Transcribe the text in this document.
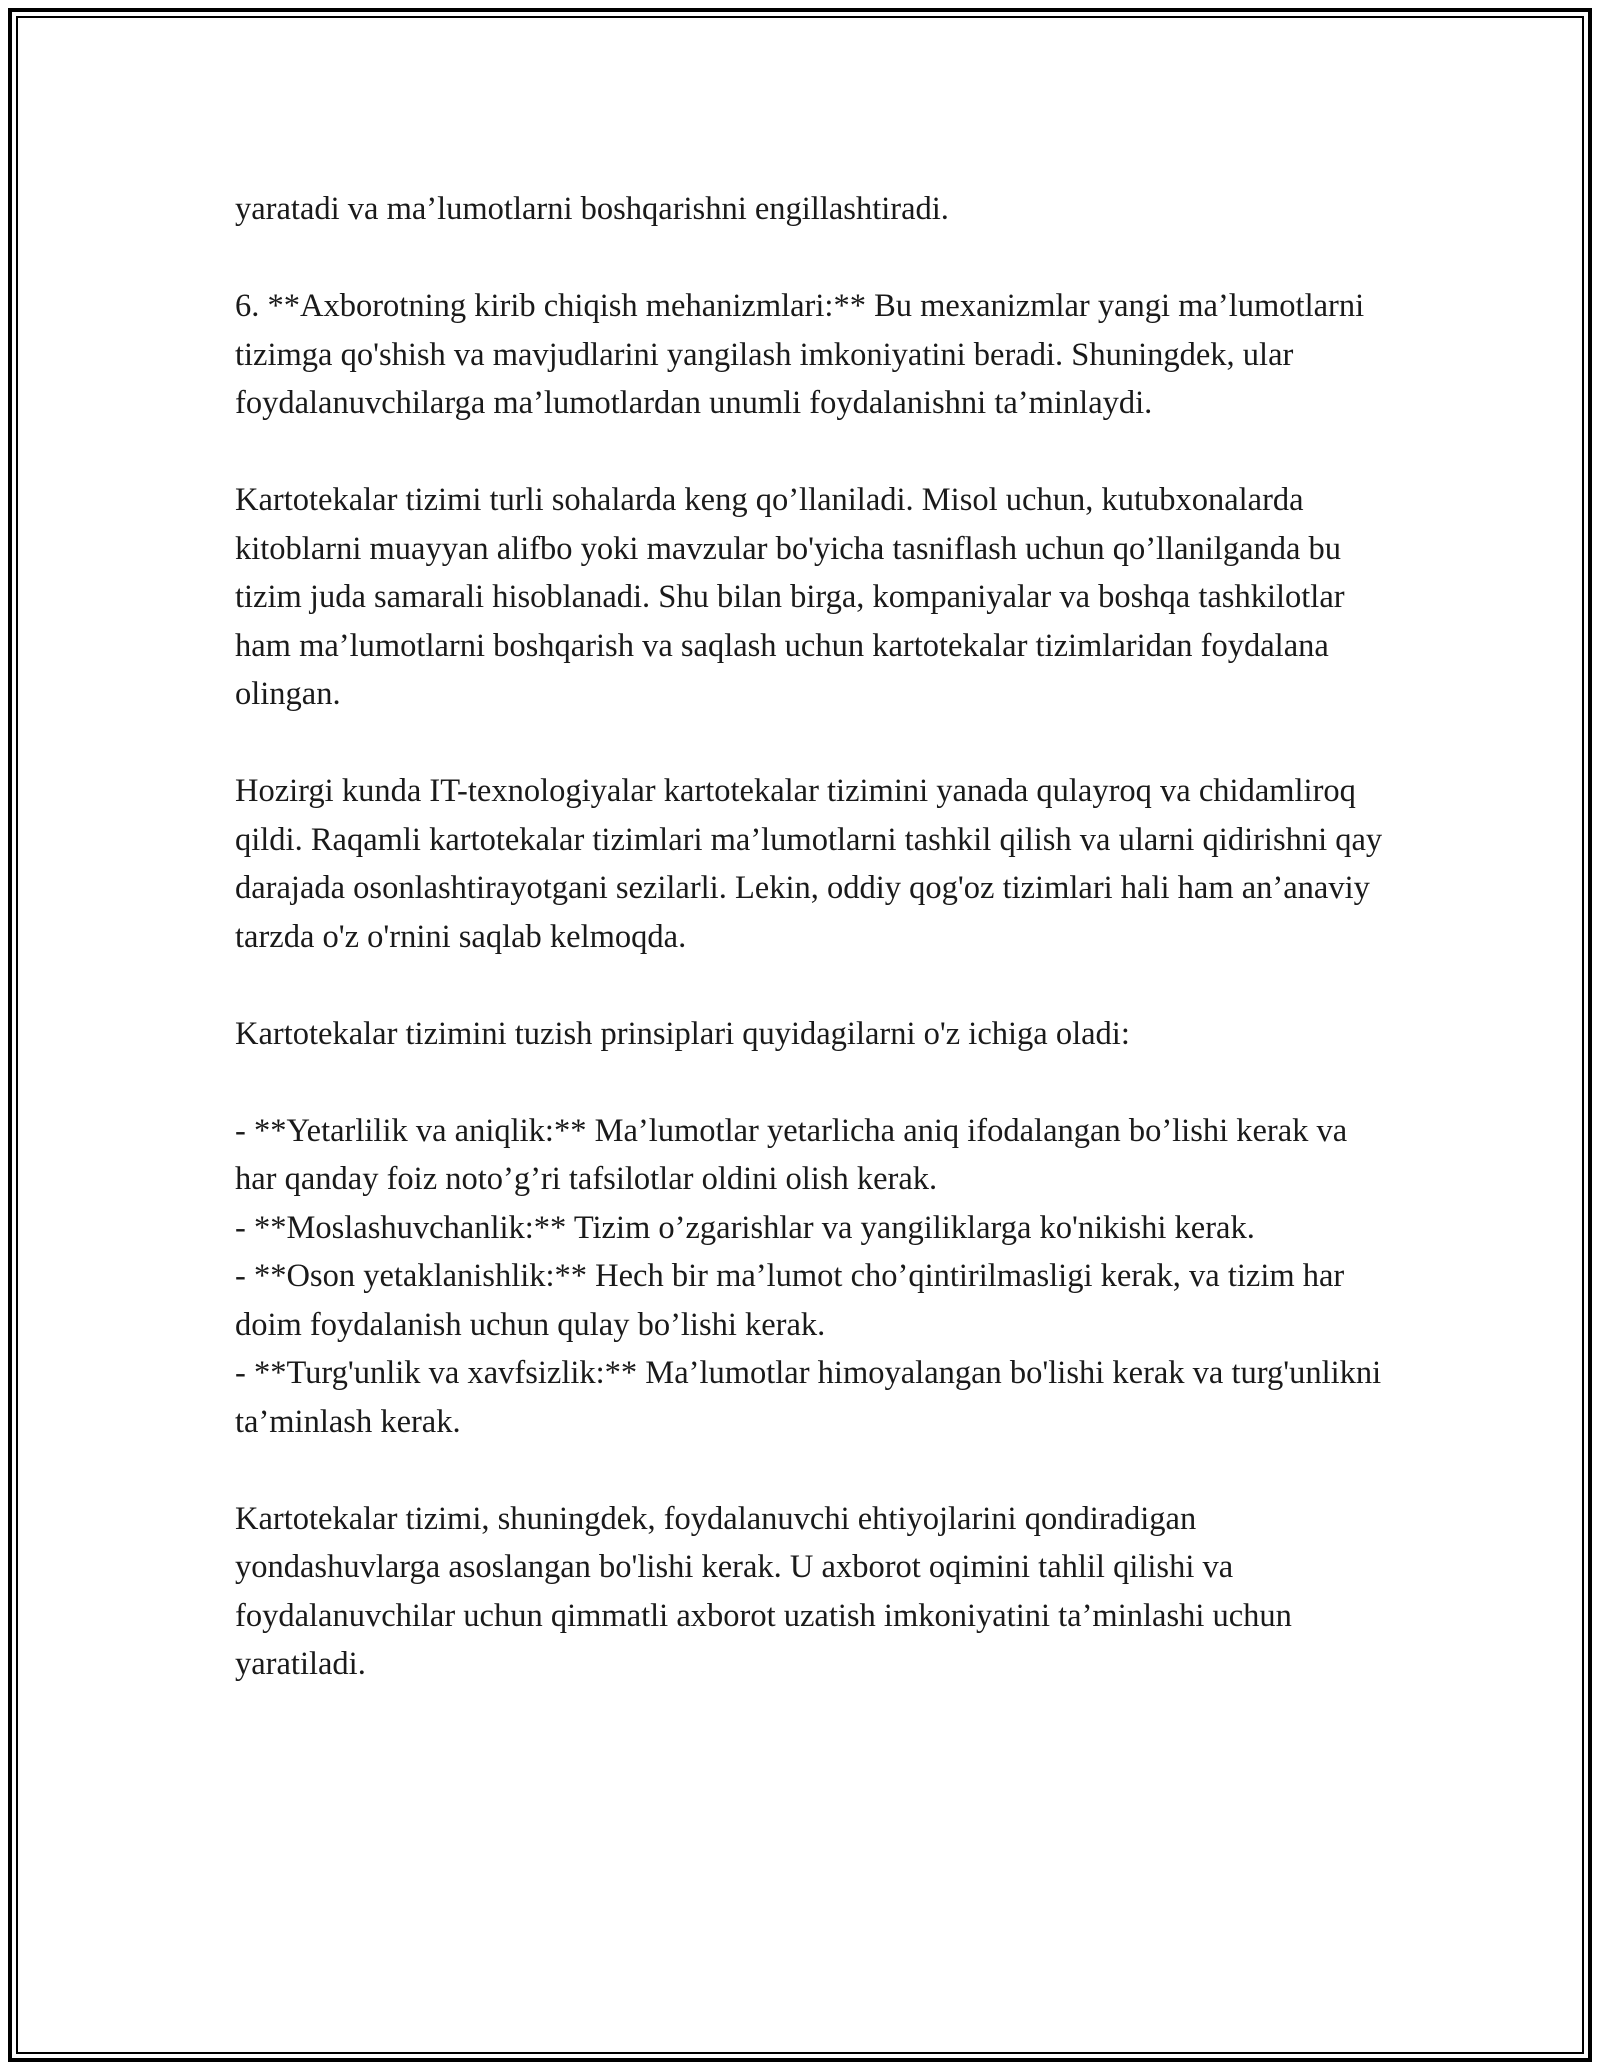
yaratadi va ma’lumotlarni boshqarishni engillashtiradi.

6. **Axborotning kirib chiqish mehanizmlari:** Bu mexanizmlar yangi ma’lumotlarni tizimga qo'shish va mavjudlarini yangilash imkoniyatini beradi. Shuningdek, ular foydalanuvchilarga ma’lumotlardan unumli foydalanishni ta’minlaydi.

Kartotekalar tizimi turli sohalarda keng qo’llaniladi. Misol uchun, kutubxonalarda kitoblarni muayyan alifbo yoki mavzular bo'yicha tasniflash uchun qo’llanilganda bu tizim juda samarali hisoblanadi. Shu bilan birga, kompaniyalar va boshqa tashkilotlar ham ma’lumotlarni boshqarish va saqlash uchun kartotekalar tizimlaridan foydalana olingan.

Hozirgi kunda IT-texnologiyalar kartotekalar tizimini yanada qulayroq va chidamliroq qildi. Raqamli kartotekalar tizimlari ma’lumotlarni tashkil qilish va ularni qidirishni qay darajada osonlashtirayotgani sezilarli. Lekin, oddiy qog'oz tizimlari hali ham an’anaviy tarzda o'z o'rnini saqlab kelmoqda.

Kartotekalar tizimini tuzish prinsiplari quyidagilarni o'z ichiga oladi:

- **Yetarlilik va aniqlik:** Ma’lumotlar yetarlicha aniq ifodalangan bo’lishi kerak va har qanday foiz noto’g’ri tafsilotlar oldini olish kerak.
- **Moslashuvchanlik:** Tizim o’zgarishlar va yangiliklarga ko'nikishi kerak.
- **Oson yetaklanishlik:** Hech bir ma’lumot cho’qintirilmasligi kerak, va tizim har doim foydalanish uchun qulay bo’lishi kerak.
- **Turg'unlik va xavfsizlik:** Ma’lumotlar himoyalangan bo'lishi kerak va turg'unlikni ta’minlash kerak.

Kartotekalar tizimi, shuningdek, foydalanuvchi ehtiyojlarini qondiradigan yondashuvlarga asoslangan bo'lishi kerak. U axborot oqimini tahlil qilishi va foydalanuvchilar uchun qimmatli axborot uzatish imkoniyatini ta’minlashi uchun yaratiladi.
